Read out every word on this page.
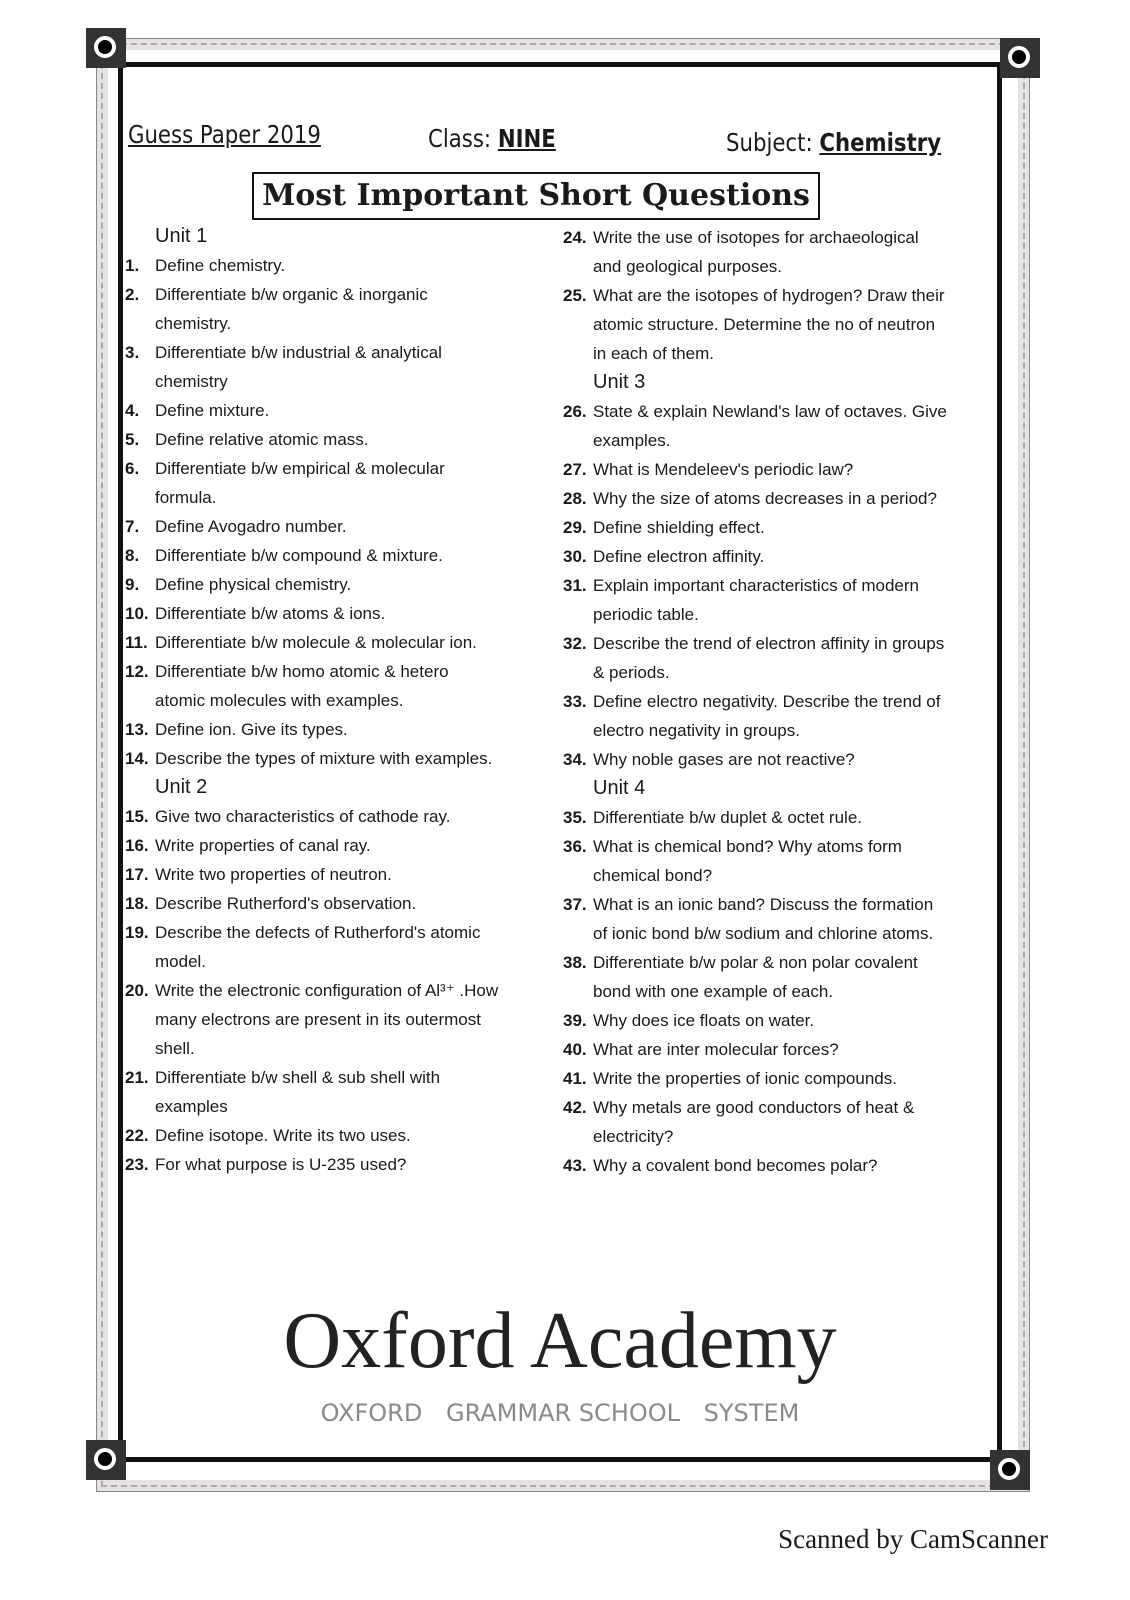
Guess Paper 2019	Class: NINE	Subject: Chemistry
Most Important Short Questions
Unit 1
1. Define chemistry.
2. Differentiate b/w organic & inorganic chemistry.
3. Differentiate b/w industrial & analytical chemistry
4. Define mixture.
5. Define relative atomic mass.
6. Differentiate b/w empirical & molecular formula.
7. Define Avogadro number.
8. Differentiate b/w compound & mixture.
9. Define physical chemistry.
10. Differentiate b/w atoms & ions.
11. Differentiate b/w molecule & molecular ion.
12. Differentiate b/w homo atomic & hetero atomic molecules with examples.
13. Define ion. Give its types.
14. Describe the types of mixture with examples.
Unit 2
15. Give two characteristics of cathode ray.
16. Write properties of canal ray.
17. Write two properties of neutron.
18. Describe Rutherford's observation.
19. Describe the defects of Rutherford's atomic model.
20. Write the electronic configuration of Al³⁺ .How many electrons are present in its outermost shell.
21. Differentiate b/w shell & sub shell with examples
22. Define isotope. Write its two uses.
23. For what purpose is U-235 used?
24. Write the use of isotopes for archaeological and geological purposes.
25. What are the isotopes of hydrogen? Draw their atomic structure. Determine the no of neutron in each of them.
Unit 3
26. State & explain Newland's law of octaves. Give examples.
27. What is Mendeleev's periodic law?
28. Why the size of atoms decreases in a period?
29. Define shielding effect.
30. Define electron affinity.
31. Explain important characteristics of modern periodic table.
32. Describe the trend of electron affinity in groups & periods.
33. Define electro negativity. Describe the trend of electro negativity in groups.
34. Why noble gases are not reactive?
Unit 4
35. Differentiate b/w duplet & octet rule.
36. What is chemical bond? Why atoms form chemical bond?
37. What is an ionic band? Discuss the formation of ionic bond b/w sodium and chlorine atoms.
38. Differentiate b/w polar & non polar covalent bond with one example of each.
39. Why does ice floats on water.
40. What are inter molecular forces?
41. Write the properties of ionic compounds.
42. Why metals are good conductors of heat & electricity?
43. Why a covalent bond becomes polar?
Oxford Academy
OXFORD GRAMMAR SCHOOL SYSTEM
Scanned by CamScanner
